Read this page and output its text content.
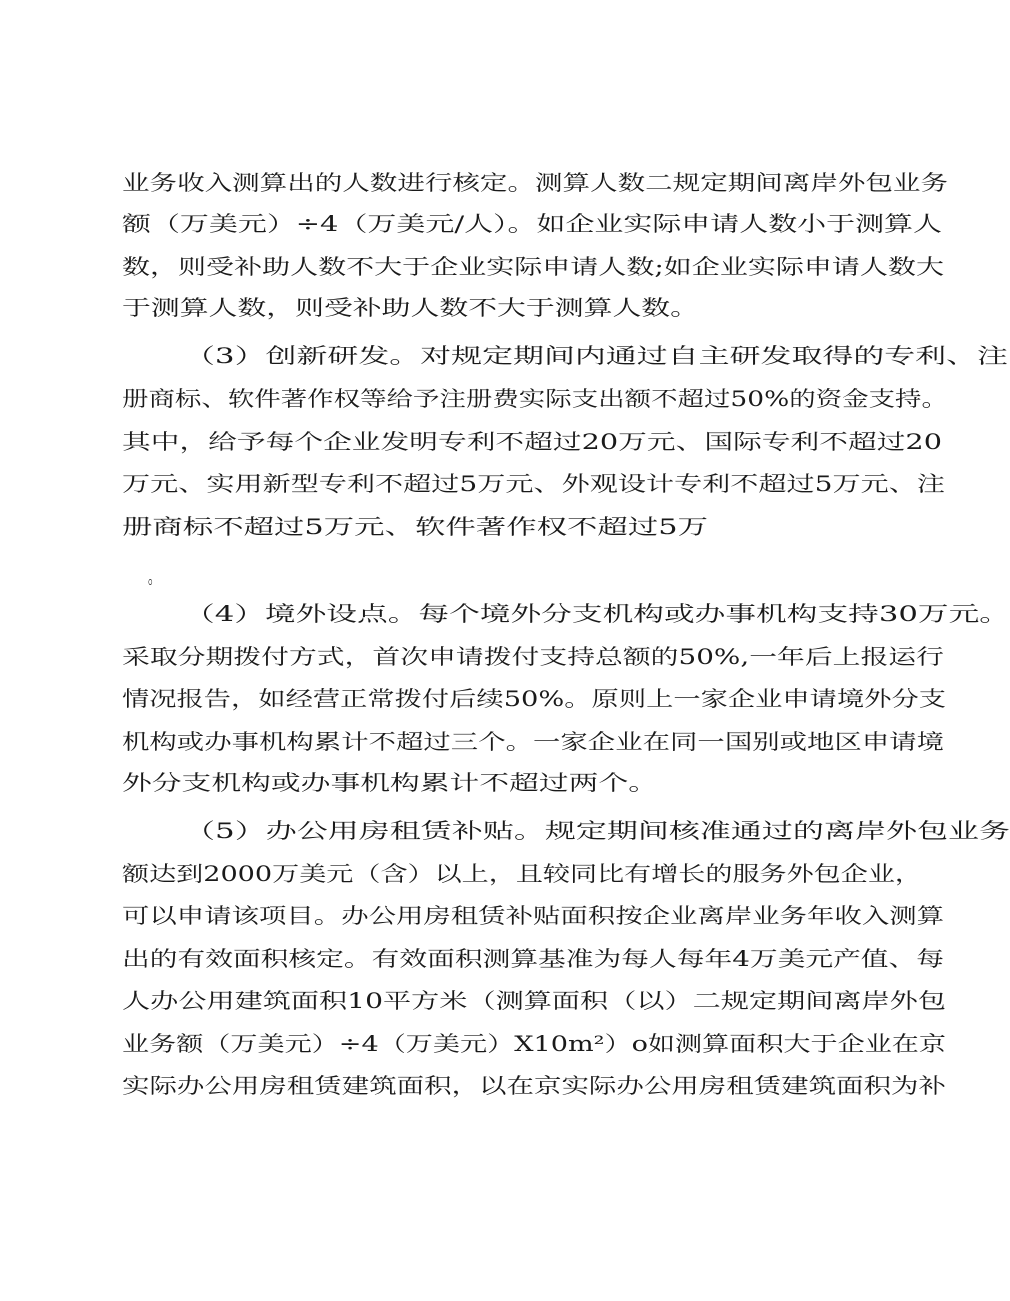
业务收入测算出的人数进行核定。测算人数二规定期间离岸外包业务
额（万美元）÷4（万美元/人）。如企业实际申请人数小于测算人
数，则受补助人数不大于企业实际申请人数;如企业实际申请人数大
于测算人数，则受补助人数不大于测算人数。
（3）创新研发。对规定期间内通过自主研发取得的专利、注
册商标、软件著作权等给予注册费实际支出额不超过50%的资金支持。
其中，给予每个企业发明专利不超过20万元、国际专利不超过20
万元、实用新型专利不超过5万元、外观设计专利不超过5万元、注
册商标不超过5万元、软件著作权不超过5万
。
（4）境外设点。每个境外分支机构或办事机构支持30万元。
采取分期拨付方式，首次申请拨付支持总额的50%,一年后上报运行
情况报告，如经营正常拨付后续50%。原则上一家企业申请境外分支
机构或办事机构累计不超过三个。一家企业在同一国别或地区申请境
外分支机构或办事机构累计不超过两个。
（5）办公用房租赁补贴。规定期间核准通过的离岸外包业务
额达到2000万美元（含）以上，且较同比有增长的服务外包企业，
可以申请该项目。办公用房租赁补贴面积按企业离岸业务年收入测算
出的有效面积核定。有效面积测算基准为每人每年4万美元产值、每
人办公用建筑面积10平方米（测算面积（以）二规定期间离岸外包
业务额（万美元）÷4（万美元）X10m²）o如测算面积大于企业在京
实际办公用房租赁建筑面积，以在京实际办公用房租赁建筑面积为补
